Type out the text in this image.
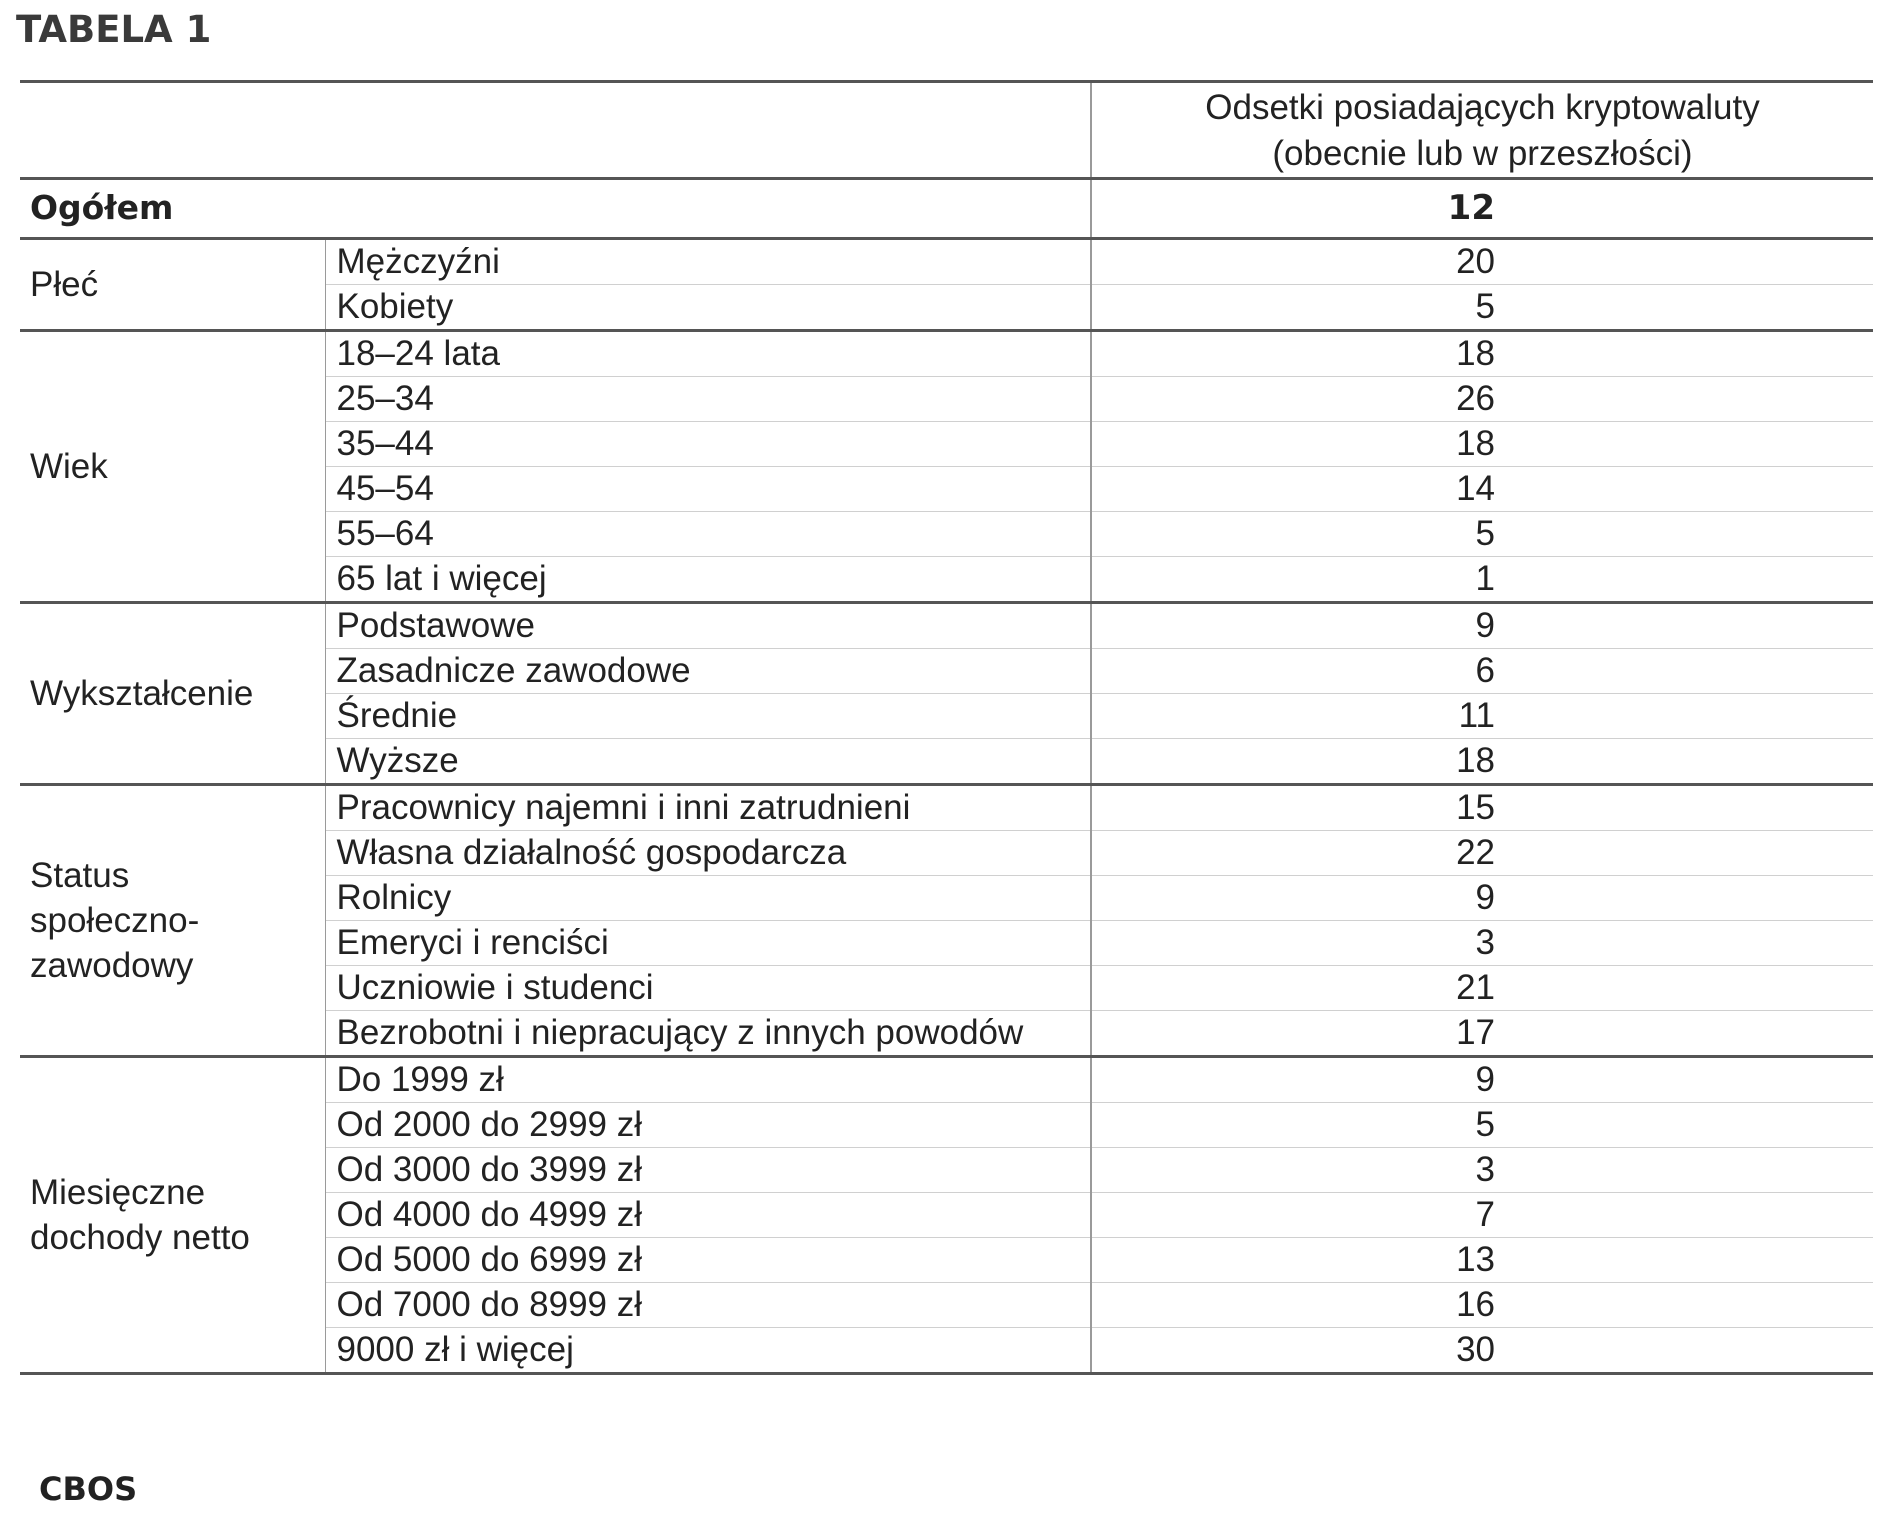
TABELA 1
		Odsetki posiadających kryptowaluty
(obecnie lub w przeszłości)
Ogółem		12
Płeć	Mężczyźni	20
	Kobiety	5
Wiek	18–24 lata	18
	25–34	26
	35–44	18
	45–54	14
	55–64	5
	65 lat i więcej	1
Wykształcenie	Podstawowe	9
	Zasadnicze zawodowe	6
	Średnie	11
	Wyższe	18
Status
społeczno-
zawodowy	Pracownicy najemni i inni zatrudnieni	15
	Własna działalność gospodarcza	22
	Rolnicy	9
	Emeryci i renciści	3
	Uczniowie i studenci	21
	Bezrobotni i niepracujący z innych powodów	17
Miesięczne
dochody netto	Do 1999 zł	9
	Od 2000 do 2999 zł	5
	Od 3000 do 3999 zł	3
	Od 4000 do 4999 zł	7
	Od 5000 do 6999 zł	13
	Od 7000 do 8999 zł	16
	9000 zł i więcej	30
CBOS
